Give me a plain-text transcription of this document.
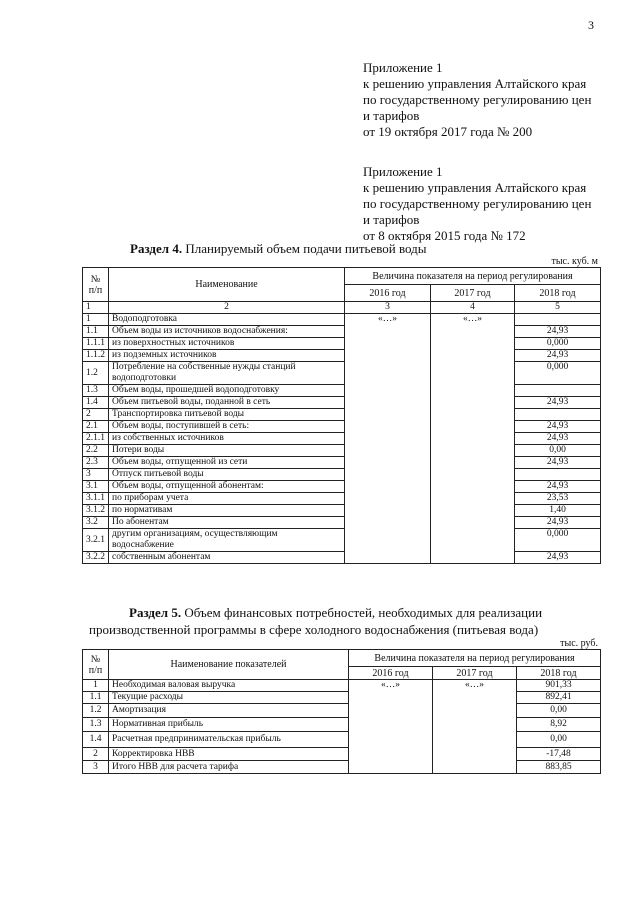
3
Приложение 1
к решению управления Алтайского края
по государственному регулированию цен
и тарифов
от 19 октября 2017 года № 200
Приложение 1
к решению управления Алтайского края
по государственному регулированию цен
и тарифов
от 8 октября 2015 года № 172
Раздел 4. Планируемый объем подачи питьевой воды
тыс. куб. м
№ п/п	Наименование	Величина показателя на период регулирования		
		2016 год	2017 год	2018 год
1	2	3	4	5
1	Водоподготовка	«…»	«…»	
1.1	Объем воды из источников водоснабжения:			24,93
1.1.1	из поверхностных источников			0,000
1.1.2	из подземных источников			24,93
1.2	Потребление на собственные нужды станций водоподготовки			0,000
1.3	Объем воды, прошедшей водоподготовку			
1.4	Объем питьевой воды, поданной в сеть			24,93
2	Транспортировка питьевой воды			
2.1	Объем воды, поступившей в сеть:			24,93
2.1.1	из собственных источников			24,93
2.2	Потери воды			0,00
2.3	Объем воды, отпущенной из сети			24,93
3	Отпуск питьевой воды			
3.1	Объем воды, отпущенной абонентам:			24,93
3.1.1	по приборам учета			23,53
3.1.2	по нормативам			1,40
3.2	По абонентам			24,93
3.2.1	другим организациям, осуществляющим водоснабжение			0,000
3.2.2	собственным абонентам			24,93
Раздел 5. Объем финансовых потребностей, необходимых для реализации производственной программы в сфере холодного водоснабжения (питьевая вода)
тыс. руб.
№ п/п	Наименование показателей	Величина показателя на период регулирования		
		2016 год	2017 год	2018 год
1	Необходимая валовая выручка	«…»	«…»	901,33
1.1	Текущие расходы			892,41
1.2	Амортизация			0,00
1.3	Нормативная прибыль			8,92
1.4	Расчетная предпринимательская прибыль			0,00
2	Корректировка НВВ			-17,48
3	Итого НВВ для расчета тарифа			883,85
